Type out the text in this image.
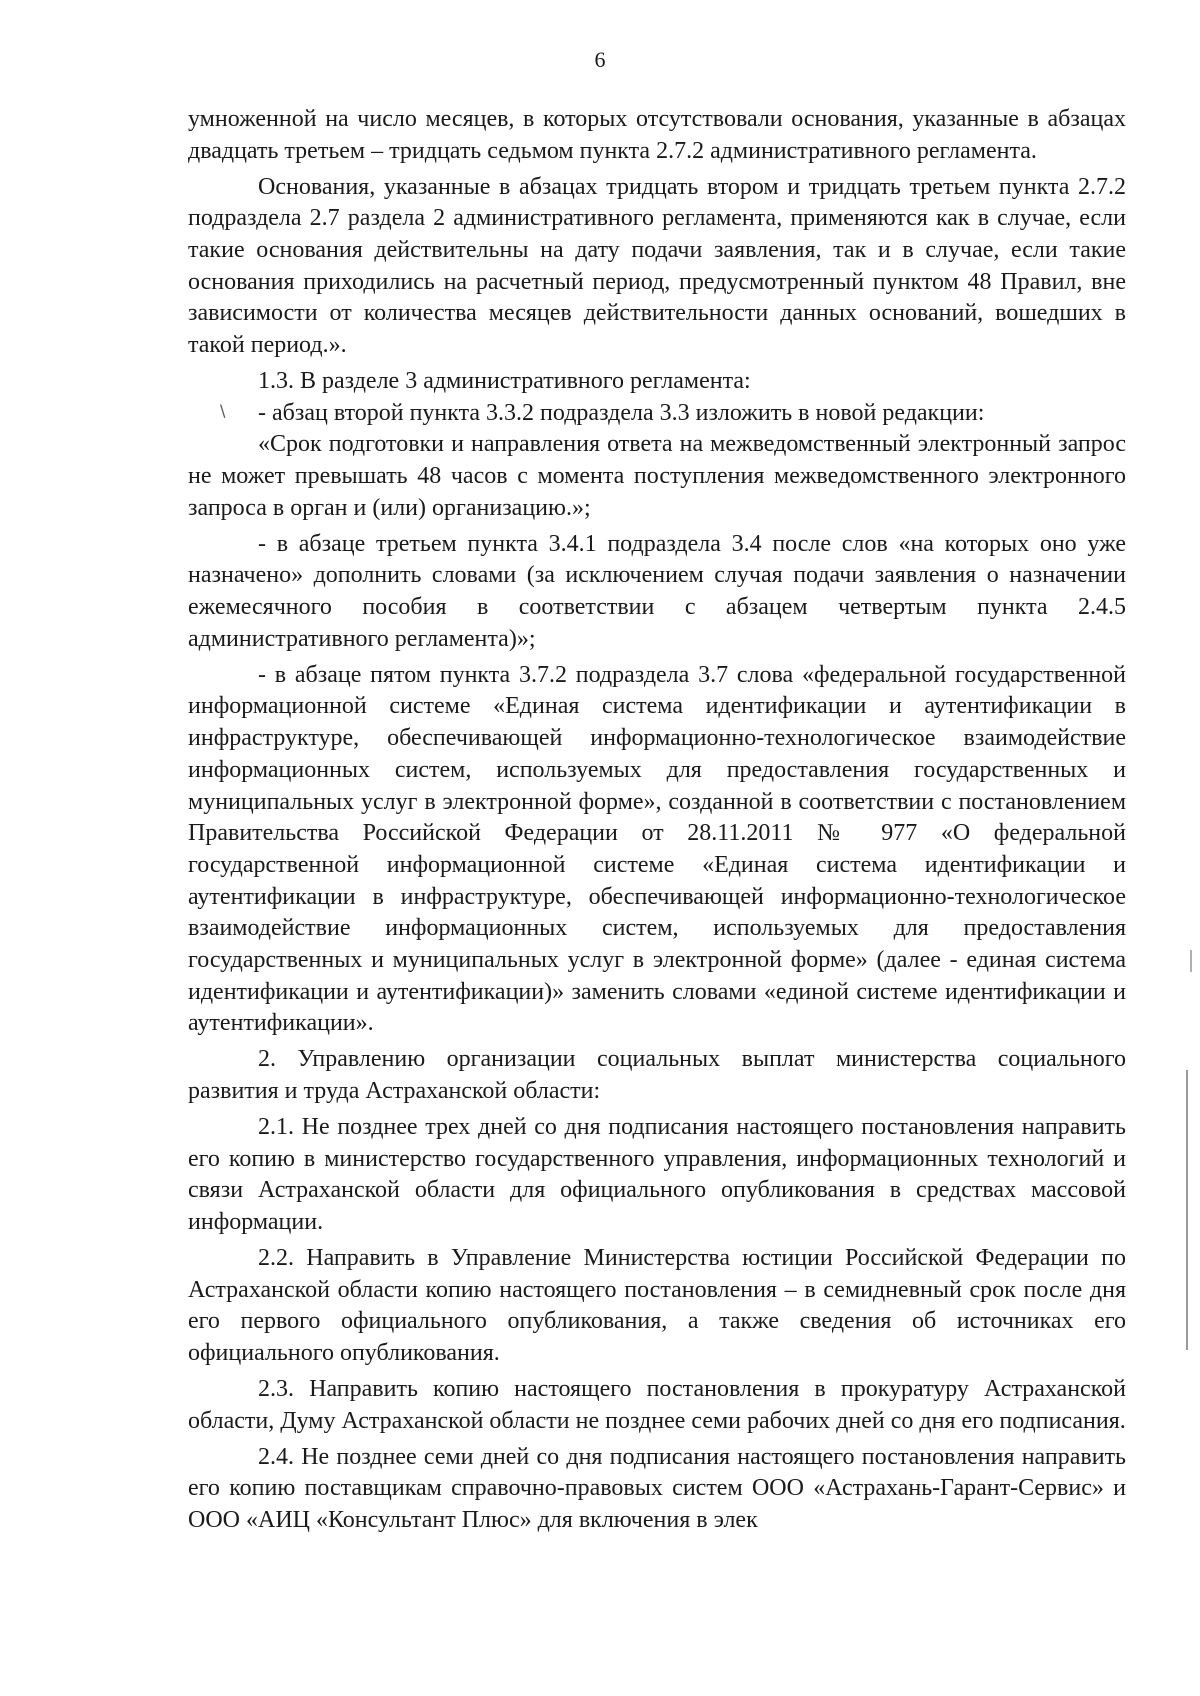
6
\

умноженной на число месяцев, в которых отсутствовали основания, указанные в абзацах двадцать третьем – тридцать седьмом пункта 2.7.2 административного регламента.

Основания, указанные в абзацах тридцать втором и тридцать третьем пункта 2.7.2 подраздела 2.7 раздела 2 административного регламента, применяются как в случае, если такие основания действительны на дату подачи заявления, так и в случае, если такие основания приходились на расчетный период, предусмотренный пунктом 48 Правил, вне зависимости от количества месяцев действительности данных оснований, вошедших в такой период.».

1.3. В разделе 3 административного регламента:

- абзац второй пункта 3.3.2 подраздела 3.3 изложить в новой редакции:

«Срок подготовки и направления ответа на межведомственный электронный запрос не может превышать 48 часов с момента поступления межведомственного электронного запроса в орган и (или) организацию.»;

- в абзаце третьем пункта 3.4.1 подраздела 3.4 после слов «на которых оно уже назначено» дополнить словами (за исключением случая подачи заявления о назначении ежемесячного пособия в соответствии с абзацем четвертым пункта 2.4.5 административного регламента)»;

- в абзаце пятом пункта 3.7.2 подраздела 3.7 слова «федеральной государственной информационной системе «Единая система идентификации и аутентификации в инфраструктуре, обеспечивающей информационно-технологическое взаимодействие информационных систем, используемых для предоставления государственных и муниципальных услуг в электронной форме», созданной в соответствии с постановлением Правительства Российской Федерации от 28.11.2011 № 977 «О федеральной государственной информационной системе «Единая система идентификации и аутентификации в инфраструктуре, обеспечивающей информационно-технологическое взаимодействие информационных систем, используемых для предоставления государственных и муниципальных услуг в электронной форме» (далее - единая система идентификации и аутентификации)» заменить словами «единой системе идентификации и аутентификации».

2. Управлению организации социальных выплат министерства социального развития и труда Астраханской области:

2.1. Не позднее трех дней со дня подписания настоящего постановления направить его копию в министерство государственного управления, информационных технологий и связи Астраханской области для официального опубликования в средствах массовой информации.

2.2. Направить в Управление Министерства юстиции Российской Федерации по Астраханской области копию настоящего постановления – в семидневный срок после дня его первого официального опубликования, а также сведения об источниках его официального опубликования.

2.3. Направить копию настоящего постановления в прокуратуру Астраханской области, Думу Астраханской области не позднее семи рабочих дней со дня его подписания.

2.4. Не позднее семи дней со дня подписания настоящего постановления направить его копию поставщикам справочно-правовых систем ООО «Астрахань-Гарант-Сервис» и ООО «АИЦ «Консультант Плюс» для включения в элек
